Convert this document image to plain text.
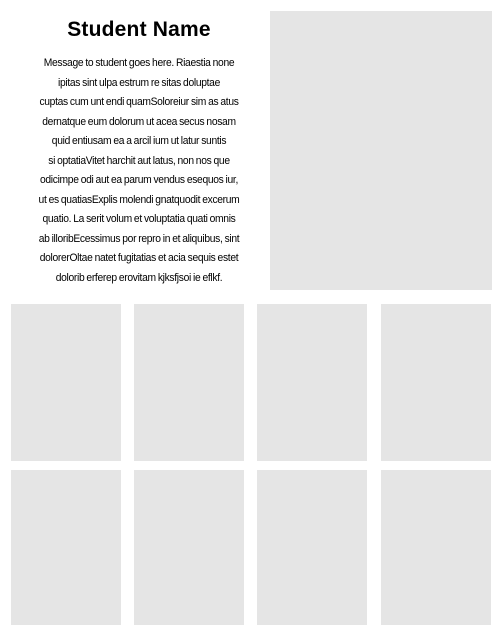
Student Name
Message to student goes here. Riaestia none
ipitas sint ulpa estrum re sitas doluptae
cuptas cum unt endi quamSoloreiur sim as atus
dernatque eum dolorum ut acea secus nosam
quid entiusam ea a arcil ium ut latur suntis
si optatiaVitet harchit aut latus, non nos que
odicimpe odi aut ea parum vendus esequos iur,
ut es quatiasExplis molendi gnatquodit excerum
quatio. La serit volum et voluptatia quati omnis
ab illoribEcessimus por repro in et aliquibus, sint
dolorerOltae natet fugitatias et acia sequis estet
dolorib erferep erovitam kjksfjsoi ie eflkf.
